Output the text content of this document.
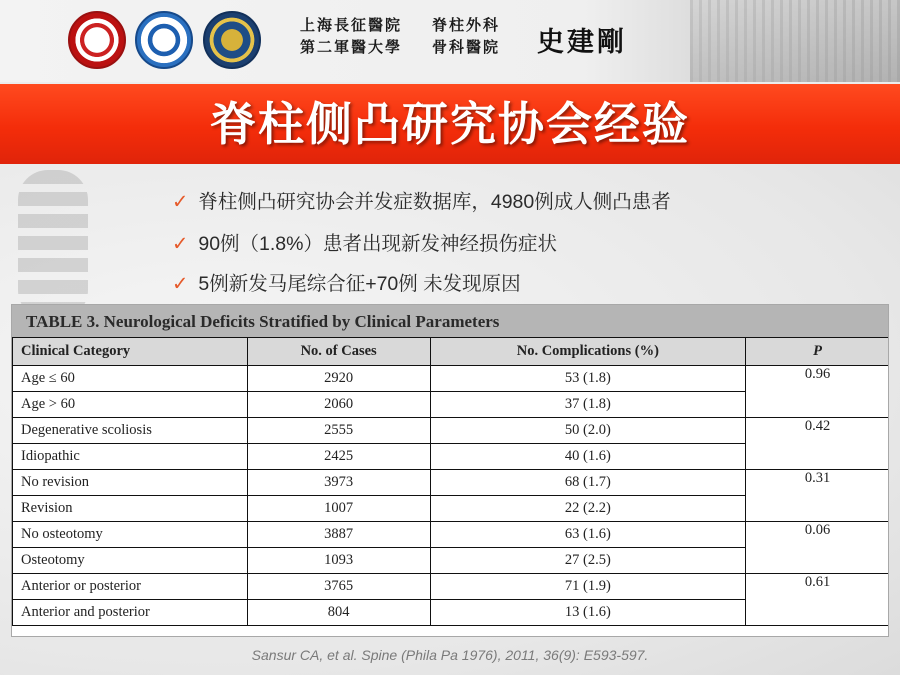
上海長征醫院
第二軍醫大學
脊柱外科
骨科醫院 史建剛
脊柱侧凸研究协会经验
✓ 脊柱侧凸研究协会并发症数据库，4980例成人侧凸患者
✓ 90例（1.8%）患者出现新发神经损伤症状
✓ 5例新发马尾综合征+70例 未发现原因
TABLE 3. Neurological Deficits Stratified by Clinical Parameters
Clinical Category	No. of Cases	No. Complications (%)	P
Age ≤ 60	2920	53 (1.8)	0.96
Age > 60	2060	37 (1.8)	
Degenerative scoliosis	2555	50 (2.0)	0.42
Idiopathic	2425	40 (1.6)	
No revision	3973	68 (1.7)	0.31
Revision	1007	22 (2.2)	
No osteotomy	3887	63 (1.6)	0.06
Osteotomy	1093	27 (2.5)	
Anterior or posterior	3765	71 (1.9)	0.61
Anterior and posterior	804	13 (1.6)	
Sansur CA, et al. Spine (Phila Pa 1976), 2011, 36(9): E593-597.
